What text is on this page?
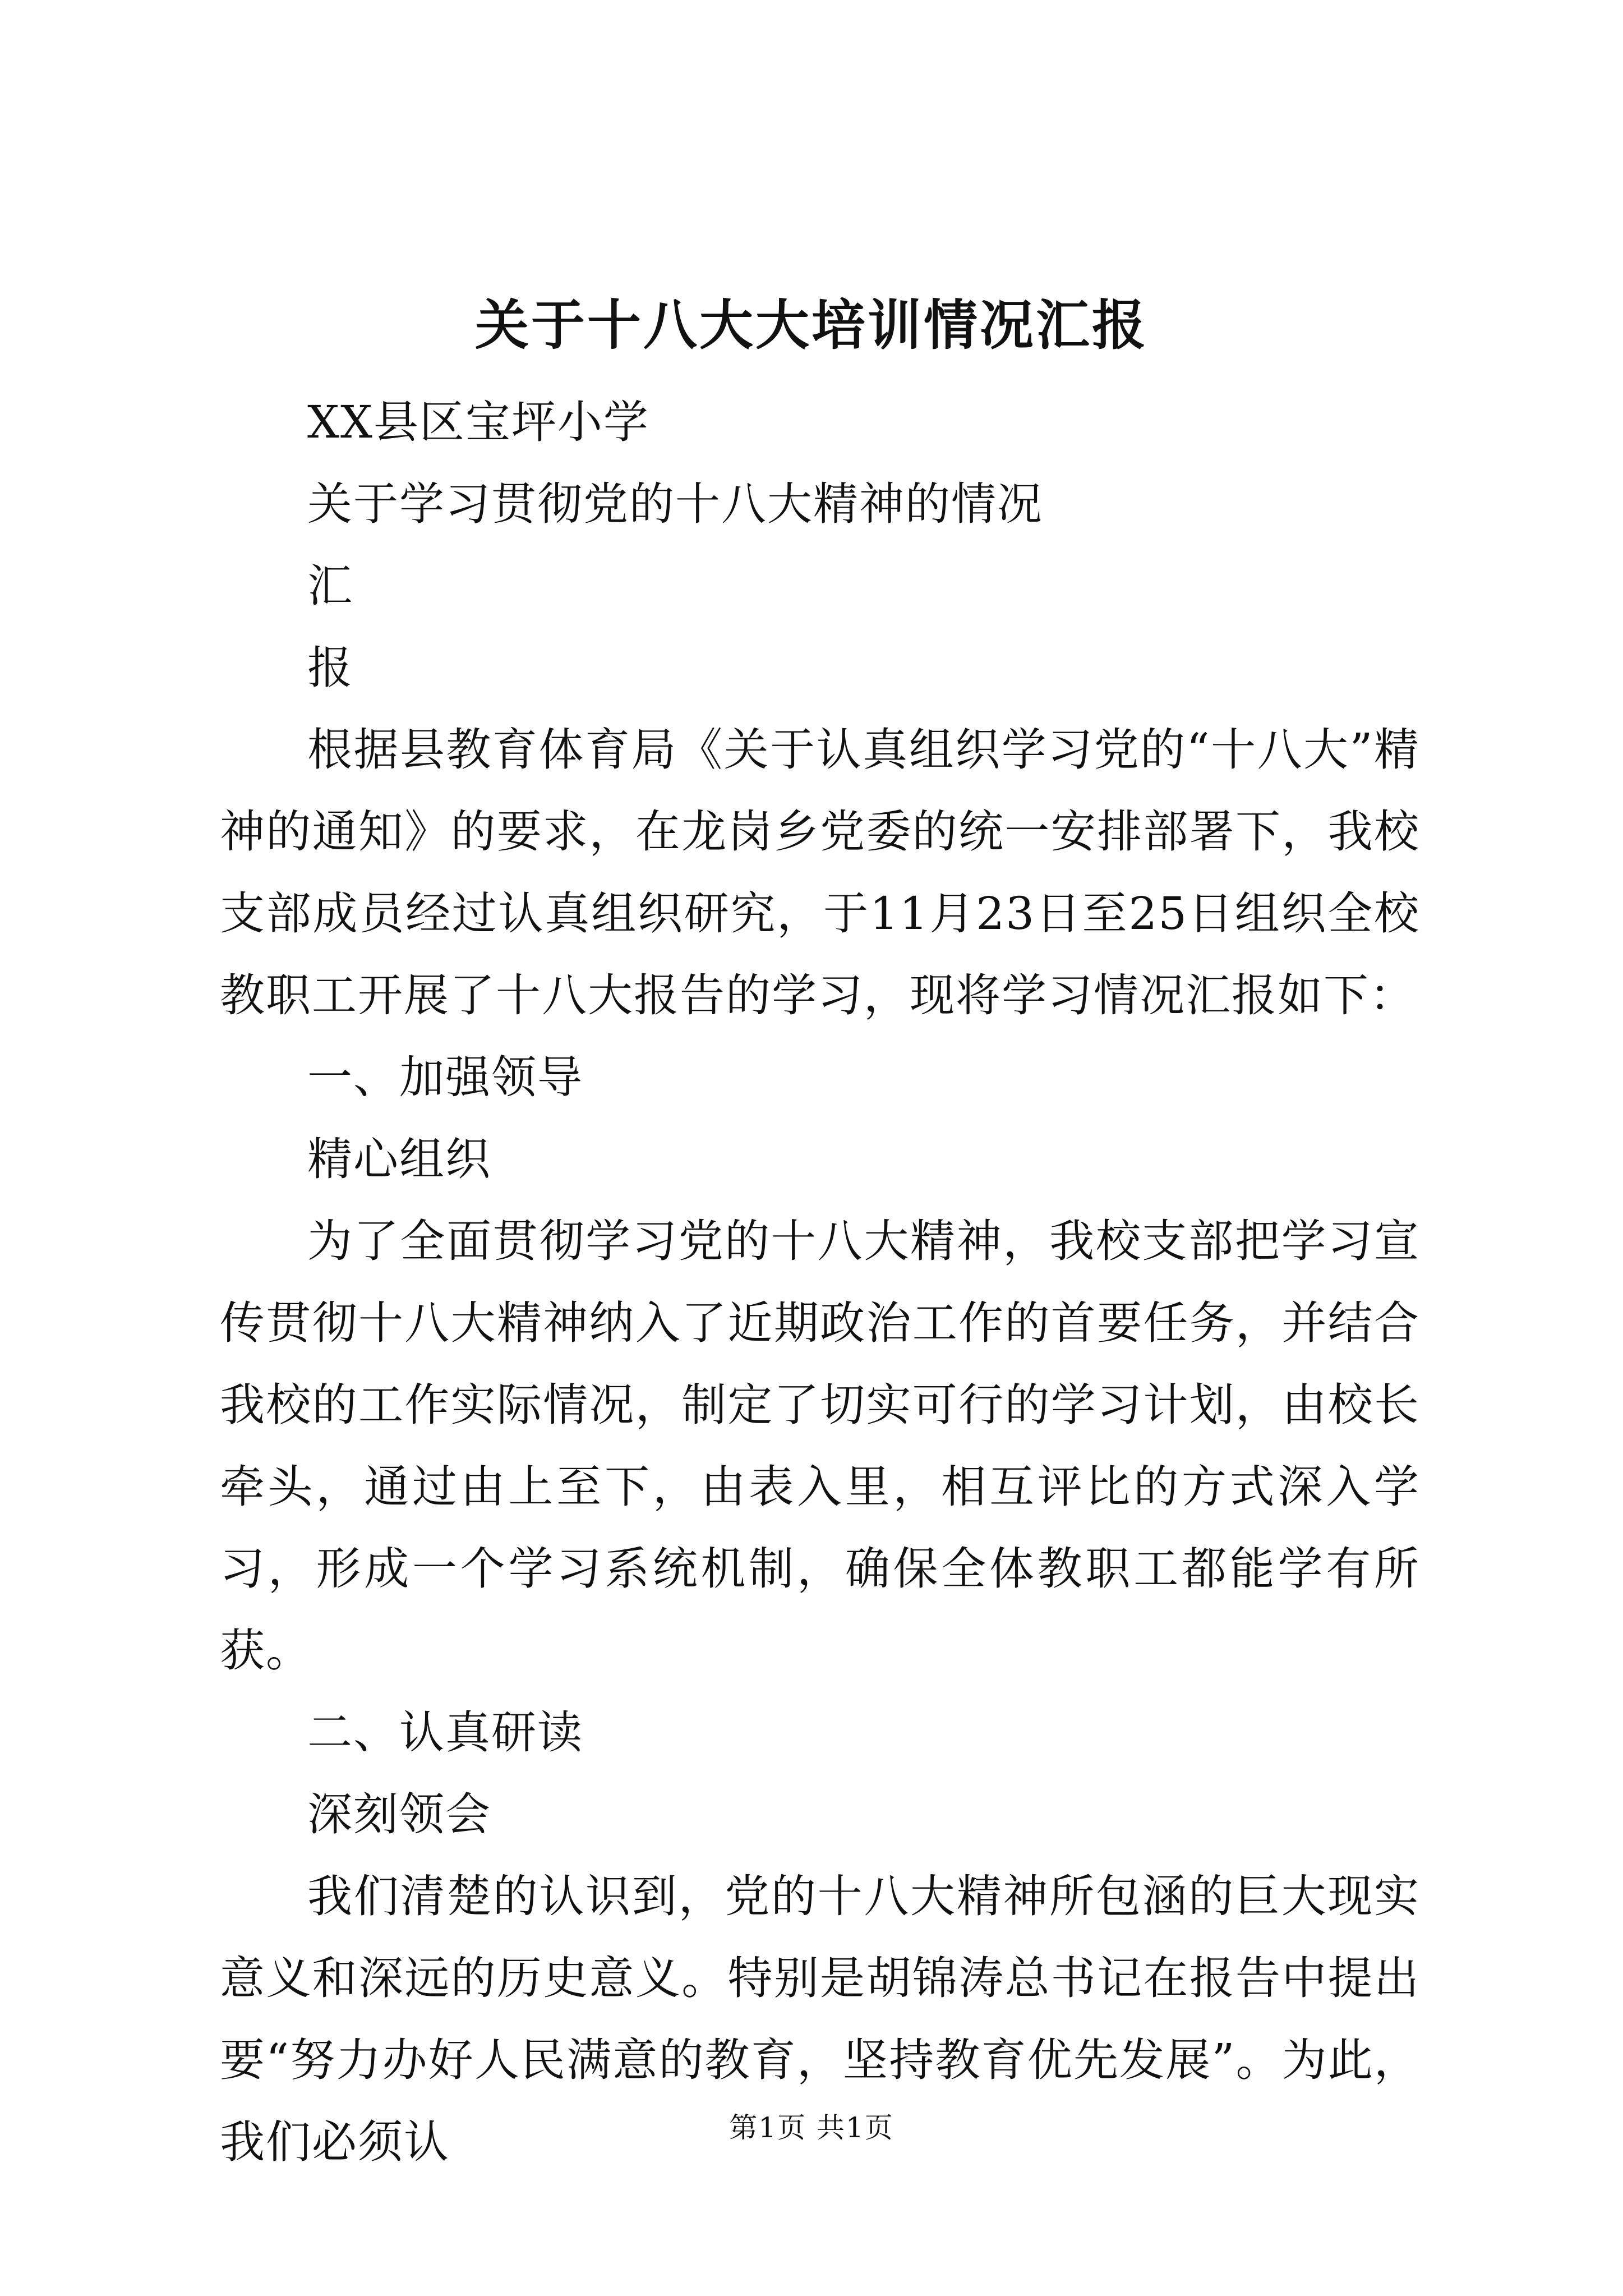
关于十八大大培训情况汇报

XX县区宝坪小学

关于学习贯彻党的十八大精神的情况

汇

报

根据县教育体育局《关于认真组织学习党的“十八大”精神的通知》的要求，在龙岗乡党委的统一安排部署下，我校支部成员经过认真组织研究，于11月23日至25日组织全校教职工开展了十八大报告的学习，现将学习情况汇报如下：

一、加强领导

精心组织

为了全面贯彻学习党的十八大精神，我校支部把学习宣传贯彻十八大精神纳入了近期政治工作的首要任务，并结合我校的工作实际情况，制定了切实可行的学习计划，由校长牵头，通过由上至下，由表入里，相互评比的方式深入学习，形成一个学习系统机制，确保全体教职工都能学有所获。

二、认真研读

深刻领会

我们清楚的认识到，党的十八大精神所包涵的巨大现实意义和深远的历史意义。特别是胡锦涛总书记在报告中提出要“努力办好人民满意的教育，坚持教育优先发展”。为此，我们必须认	第1页 共1页
